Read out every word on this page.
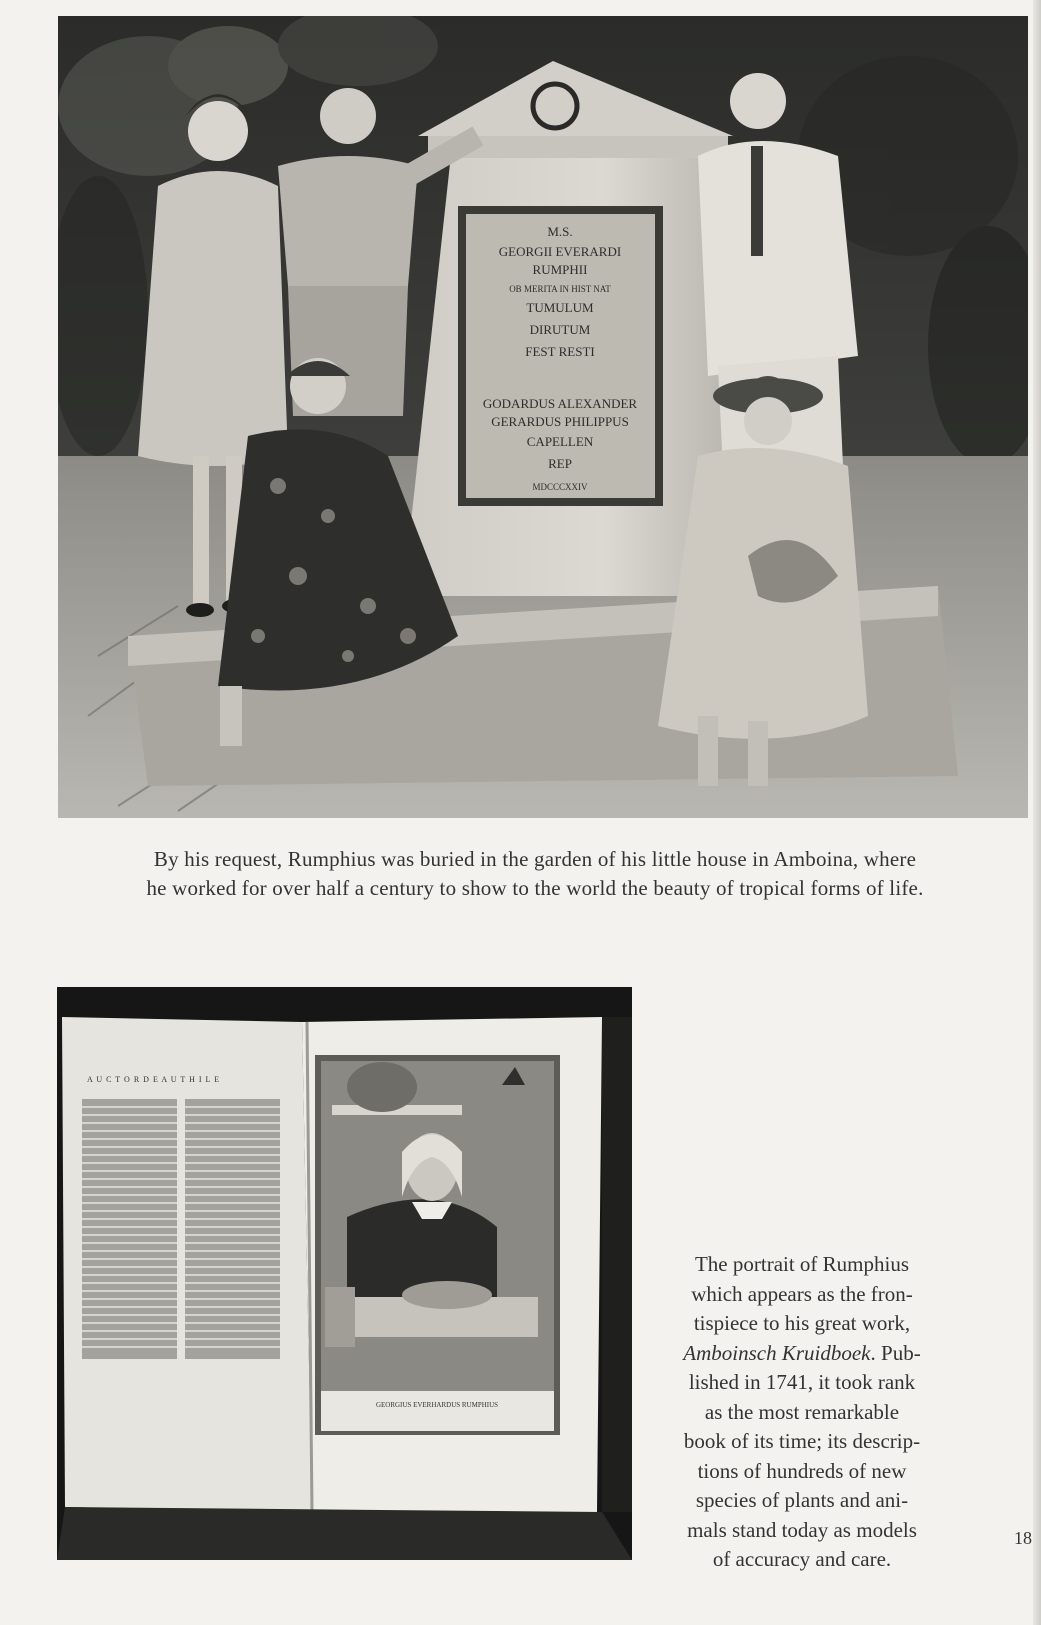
M.S.
GEORGII EVERARDI
RUMPHII
OB MERITA IN HIST NAT
TUMULUM
DIRUTUM
FEST RESTI
GODARDUS ALEXANDER
GERARDUS PHILIPPUS
CAPELLEN
REP
MDCCCXXIV
By his request, Rumphius was buried in the garden of his little house in Amboina, where
he worked for over half a century to show to the world the beauty of tropical forms of life.
A U C T O R D E A U T H I L E
GEORGIUS EVERHARDUS RUMPHIUS
The portrait of Rumphius
which appears as the fron-
tispiece to his great work,
Amboinsch Kruidboek. Pub-
lished in 1741, it took rank
as the most remarkable
book of its time; its descrip-
tions of hundreds of new
species of plants and ani-
mals stand today as models
of accuracy and care.
18
